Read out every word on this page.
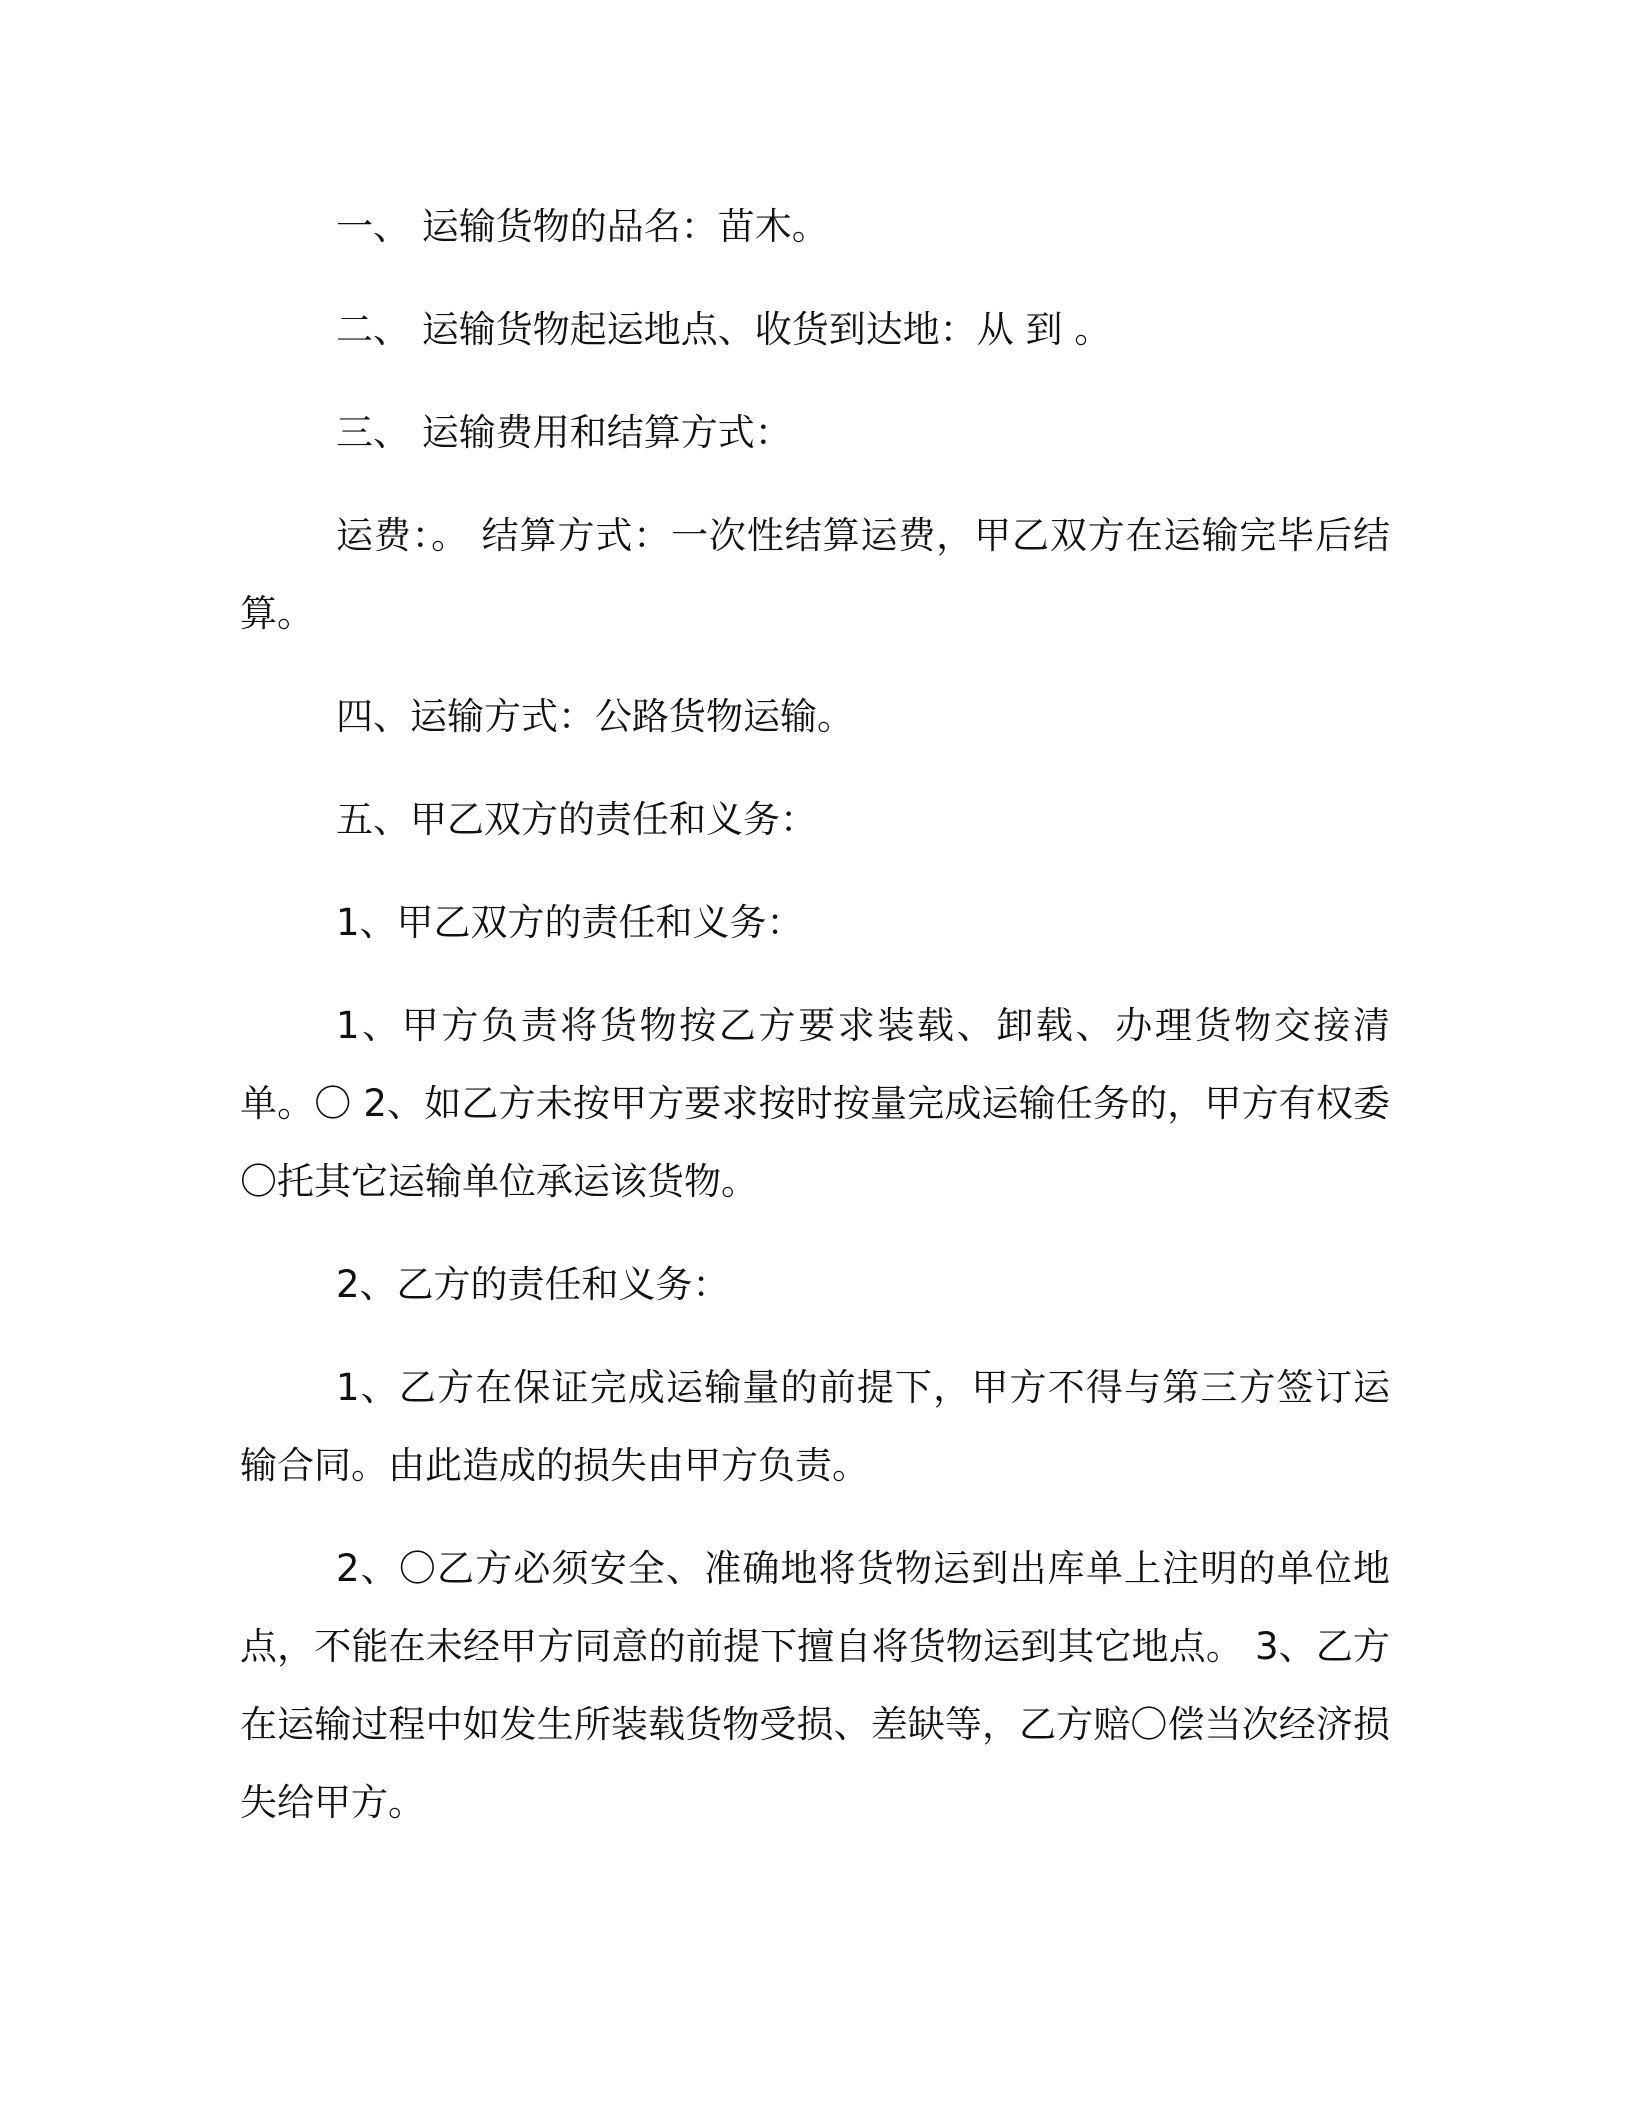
一、 运输货物的品名：苗木。

二、 运输货物起运地点、收货到达地：从 到 。

三、 运输费用和结算方式：

运费：。 结算方式：一次性结算运费，甲乙双方在运输完毕后结算。

四、运输方式：公路货物运输。

五、甲乙双方的责任和义务：

1、甲乙双方的责任和义务：

1、甲方负责将货物按乙方要求装载、卸载、办理货物交接清单。〇 2、如乙方未按甲方要求按时按量完成运输任务的，甲方有权委〇托其它运输单位承运该货物。

2、乙方的责任和义务：

1、乙方在保证完成运输量的前提下，甲方不得与第三方签订运输合同。由此造成的损失由甲方负责。

2、〇乙方必须安全、准确地将货物运到出库单上注明的单位地点，不能在未经甲方同意的前提下擅自将货物运到其它地点。 3、乙方在运输过程中如发生所装载货物受损、差缺等，乙方赔〇偿当次经济损失给甲方。
